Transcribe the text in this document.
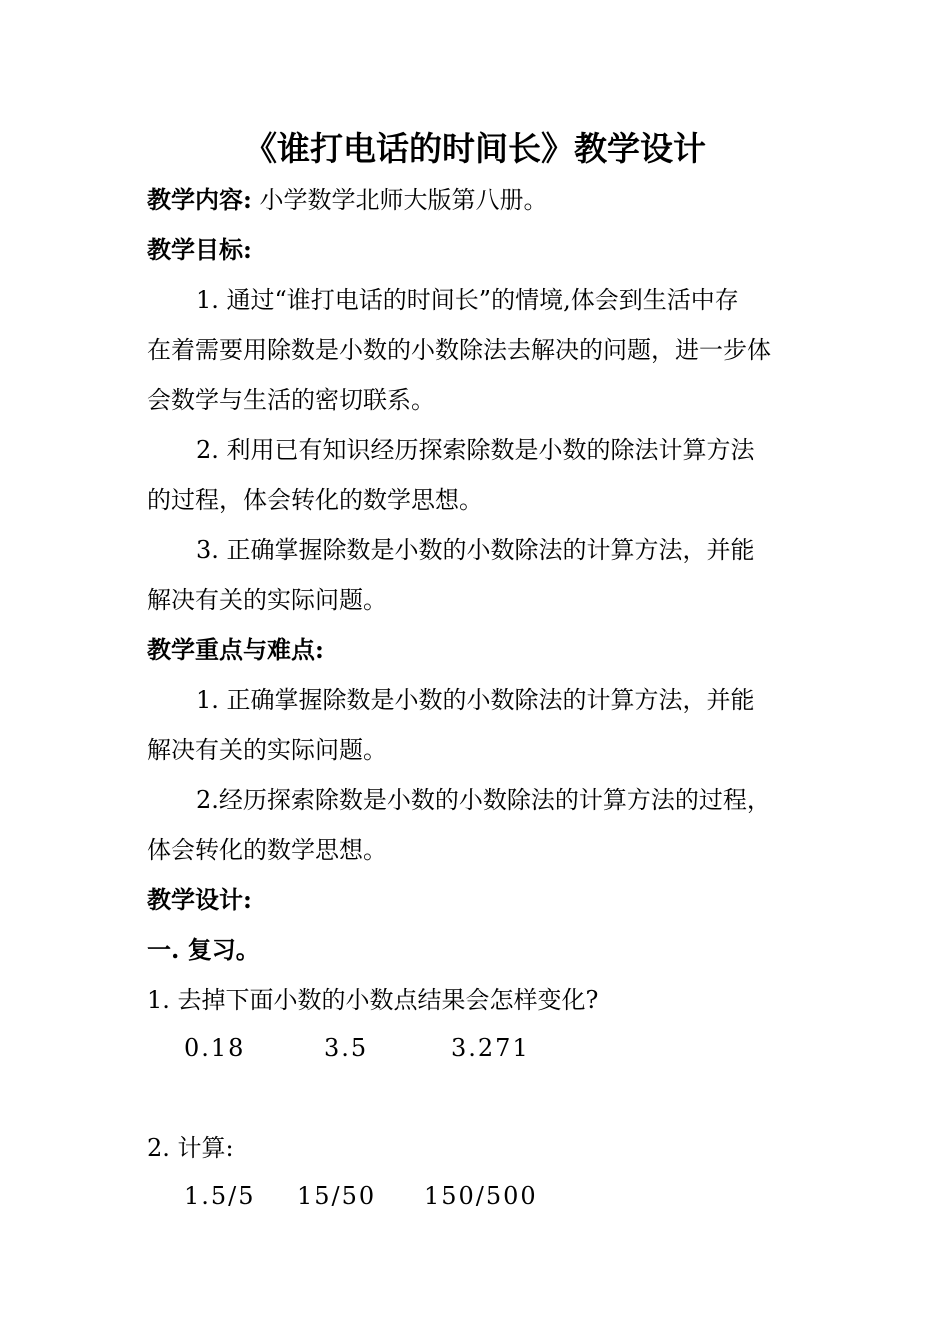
《谁打电话的时间长》教学设计
教学内容: 小学数学北师大版第八册。
教学目标:
1. 通过“谁打电话的时间长”的情境,体会到生活中存
在着需要用除数是小数的小数除法去解决的问题，进一步体
会数学与生活的密切联系。
2. 利用已有知识经历探索除数是小数的除法计算方法
的过程，体会转化的数学思想。
3. 正确掌握除数是小数的小数除法的计算方法，并能
解决有关的实际问题。
教学重点与难点:
1. 正确掌握除数是小数的小数除法的计算方法，并能
解决有关的实际问题。
2.经历探索除数是小数的小数除法的计算方法的过程，
体会转化的数学思想。
教学设计:
一. 复习。
1. 去掉下面小数的小数点结果会怎样变化?
0.18	3.5	3.271
2. 计算:
1.5/5 15/50 150/500
